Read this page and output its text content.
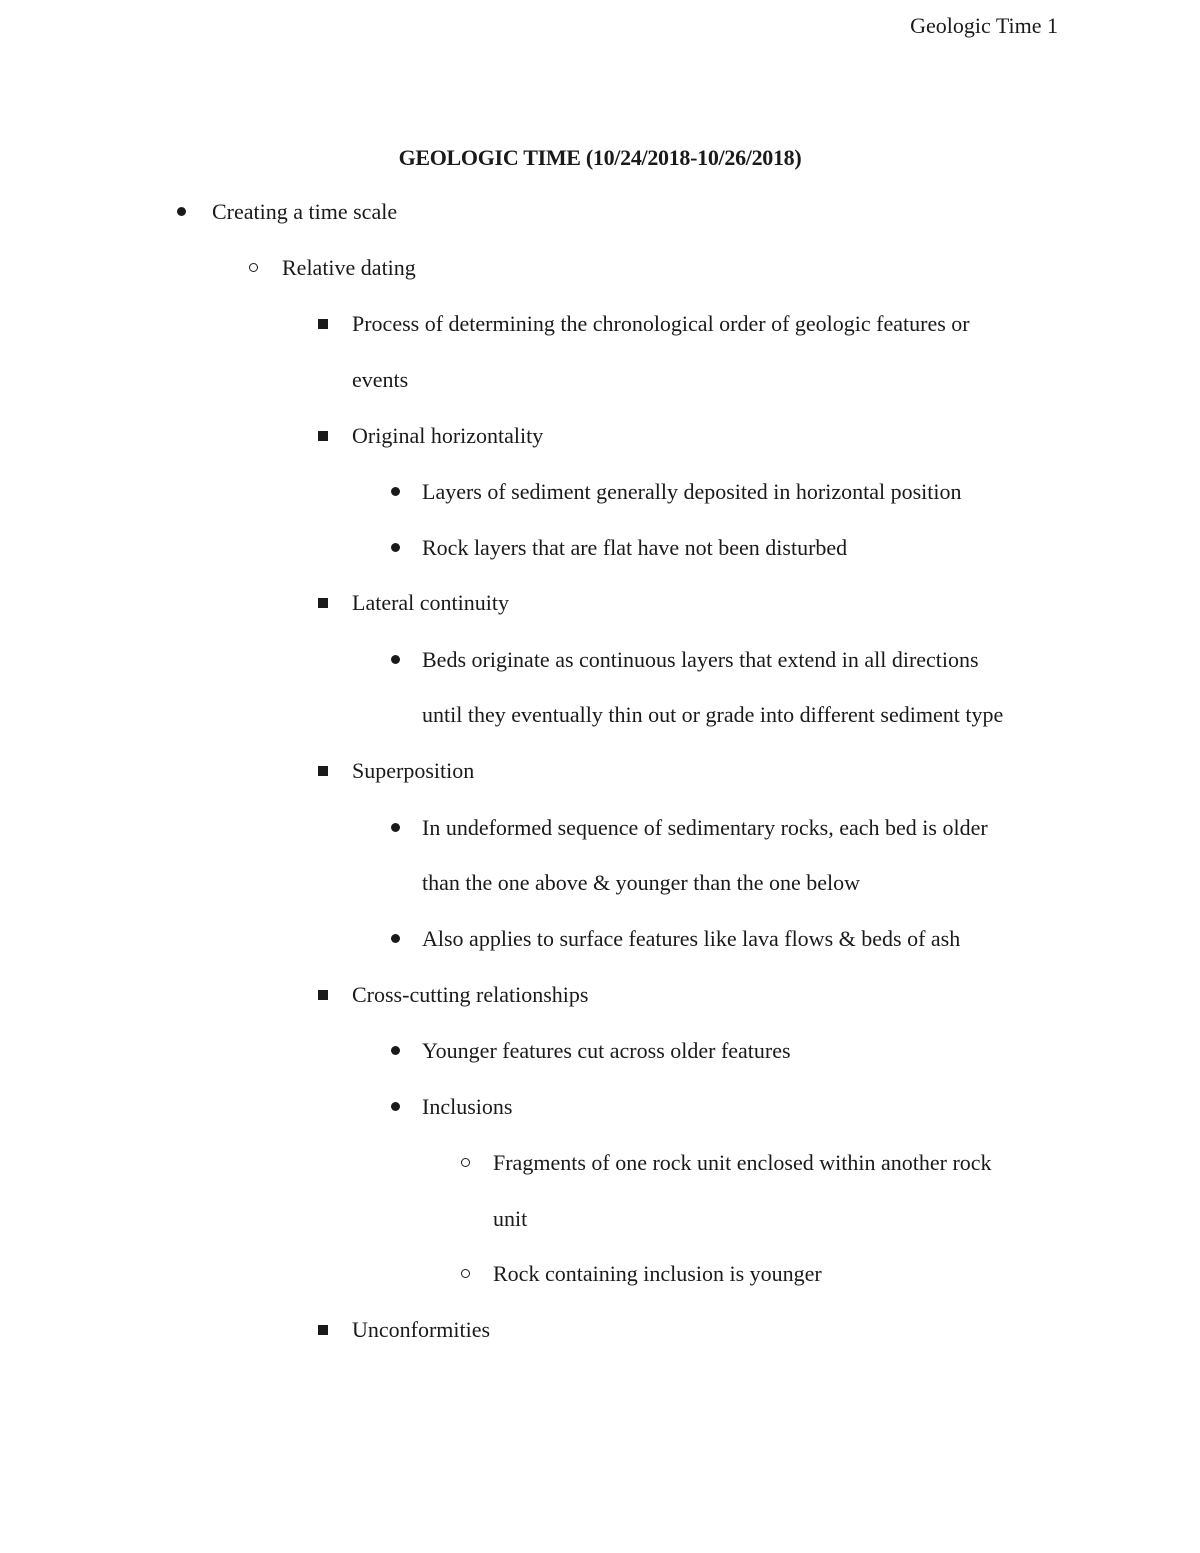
Geologic Time 1
GEOLOGIC TIME (10/24/2018-10/26/2018)
Creating a time scale
Relative dating
Process of determining the chronological order of geologic features or
events
Original horizontality
Layers of sediment generally deposited in horizontal position
Rock layers that are flat have not been disturbed
Lateral continuity
Beds originate as continuous layers that extend in all directions
until they eventually thin out or grade into different sediment type
Superposition
In undeformed sequence of sedimentary rocks, each bed is older
than the one above & younger than the one below
Also applies to surface features like lava flows & beds of ash
Cross-cutting relationships
Younger features cut across older features
Inclusions
Fragments of one rock unit enclosed within another rock
unit
Rock containing inclusion is younger
Unconformities
